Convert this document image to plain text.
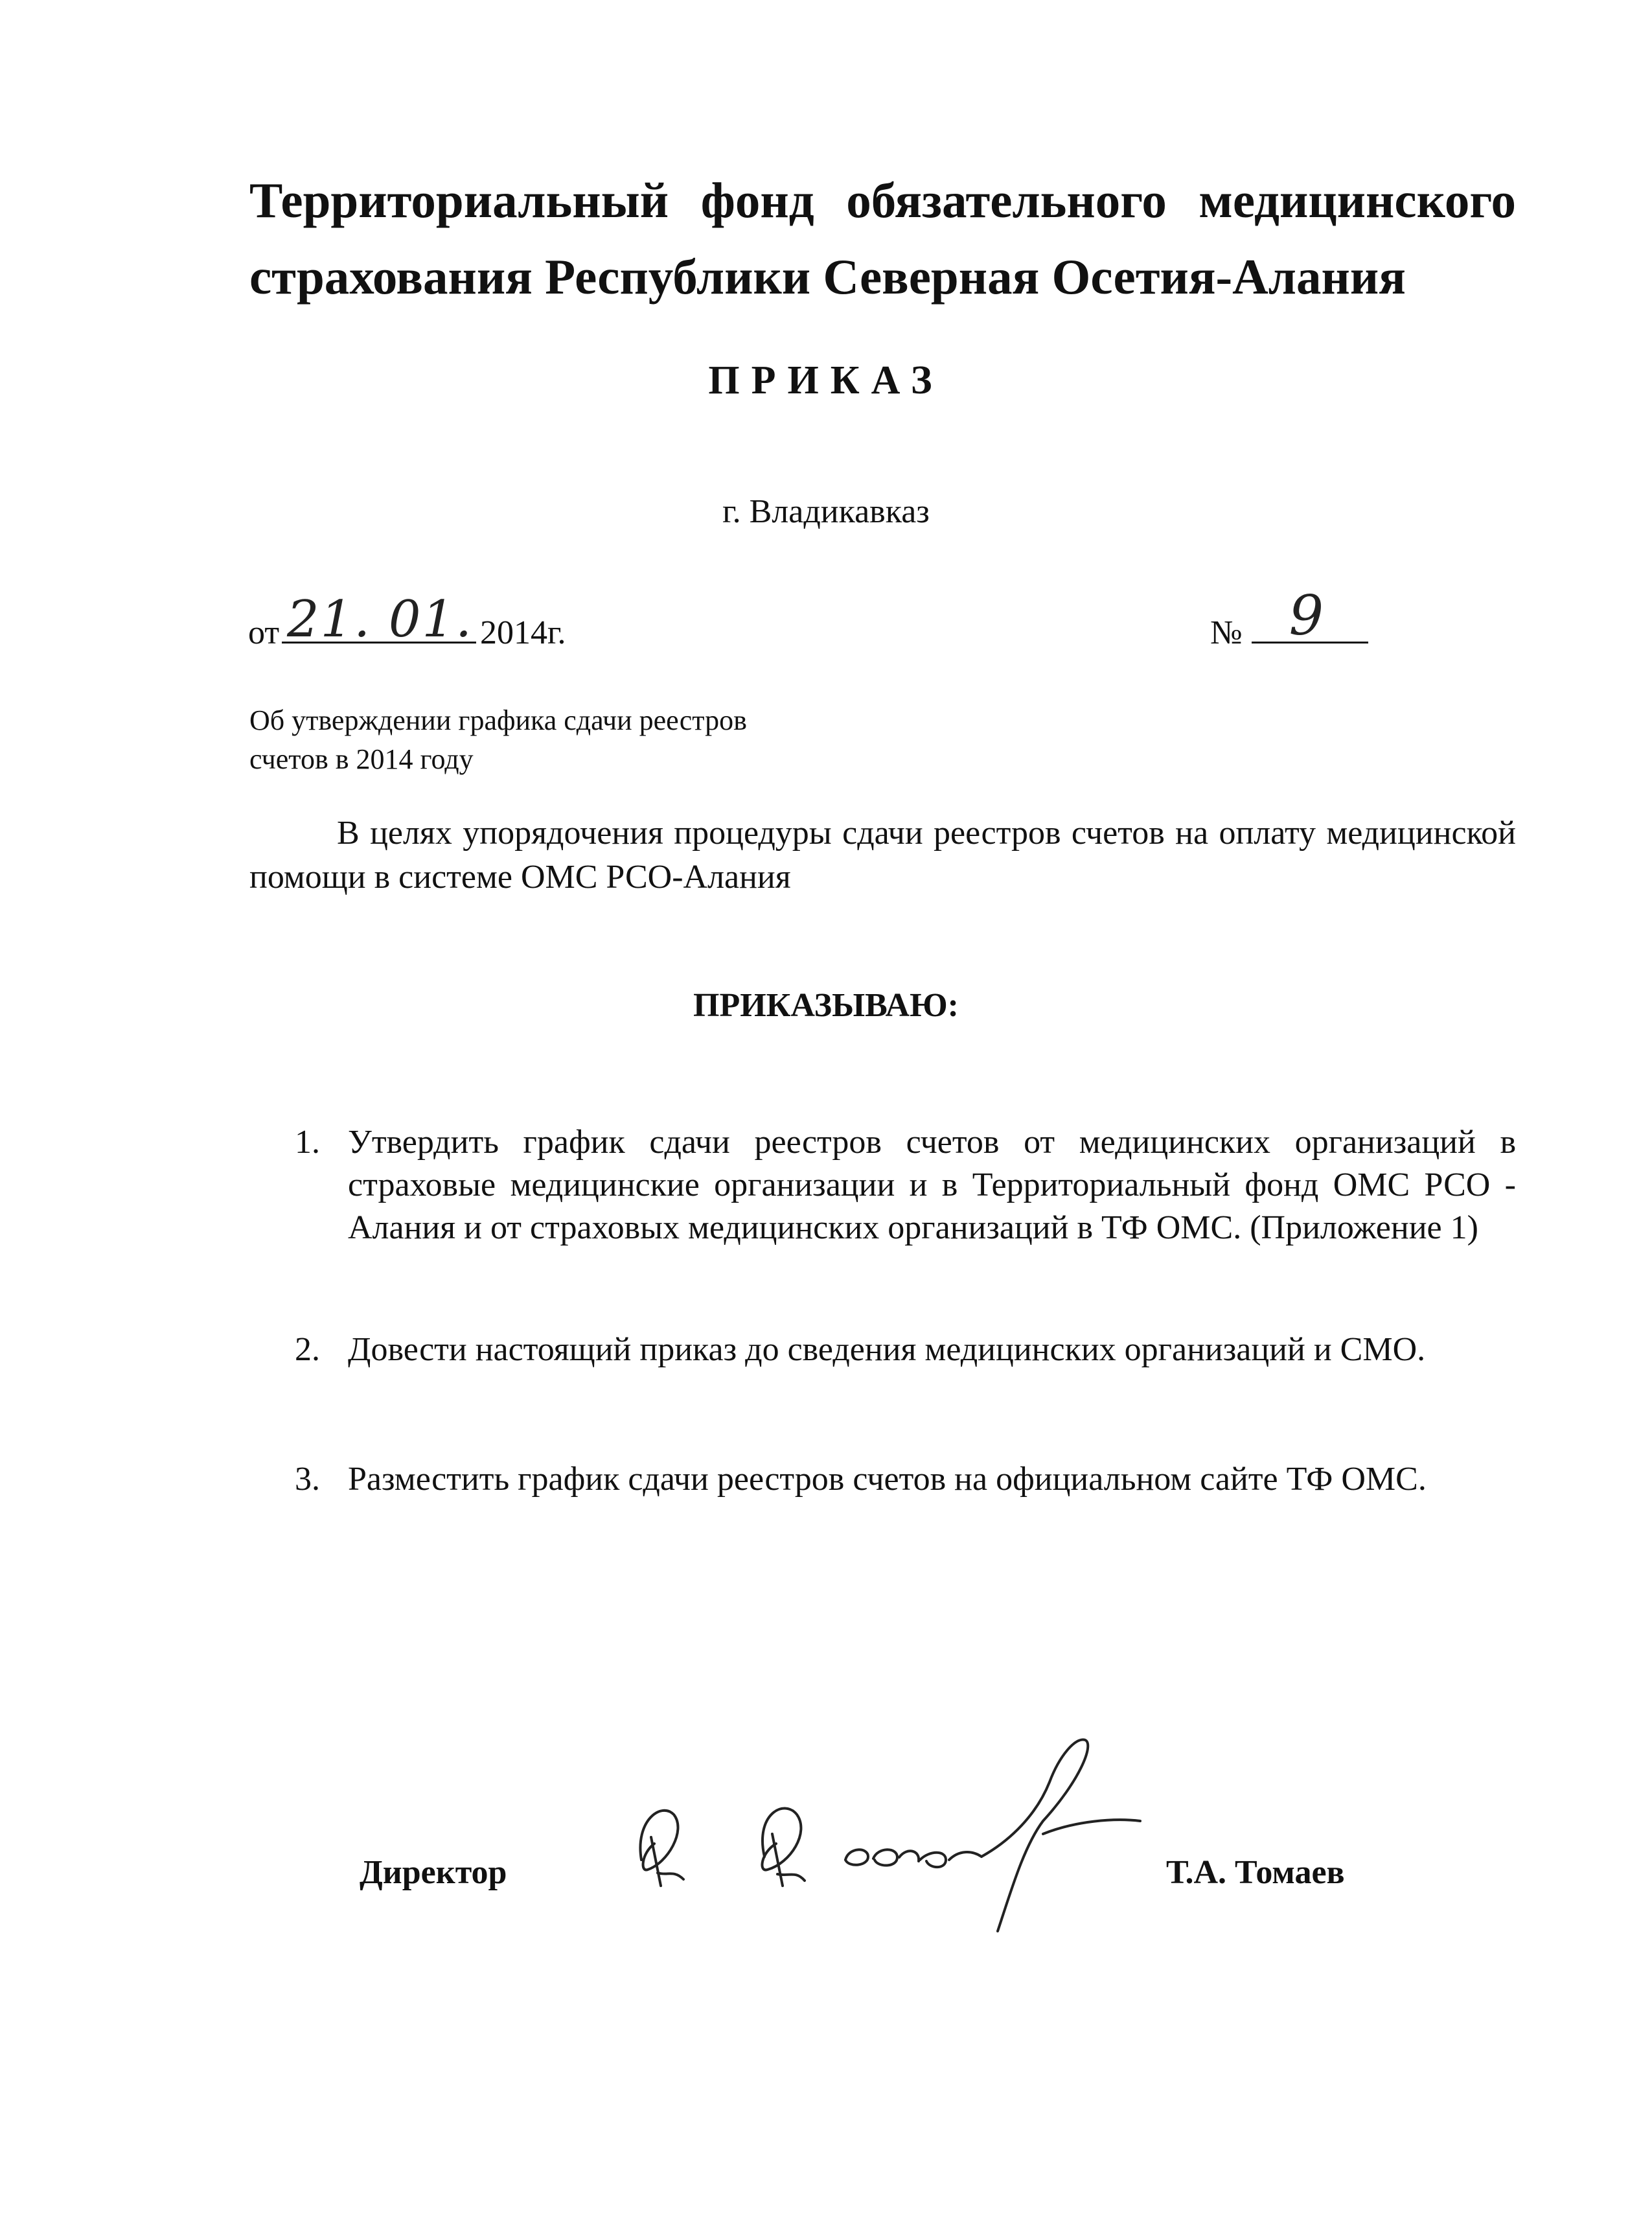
Территориальный фонд обязательного медицинского страхования Республики Северная Осетия-Алания
ПРИКАЗ
г. Владикавказ
от 21. 01. 2014г.	№ 9
Об утверждении графика сдачи реестров счетов в 2014 году
В целях упорядочения процедуры сдачи реестров счетов на оплату медицинской помощи в системе ОМС РСО-Алания
ПРИКАЗЫВАЮ:
1. Утвердить график сдачи реестров счетов от медицинских организаций в страховые медицинские организации и в Территориальный фонд ОМС РСО - Алания и от страховых медицинских организаций в ТФ ОМС. (Приложение 1)
2. Довести настоящий приказ до сведения медицинских организаций и СМО.
3. Разместить график сдачи реестров счетов на официальном сайте ТФ ОМС.
Директор	Т.А. Томаев
